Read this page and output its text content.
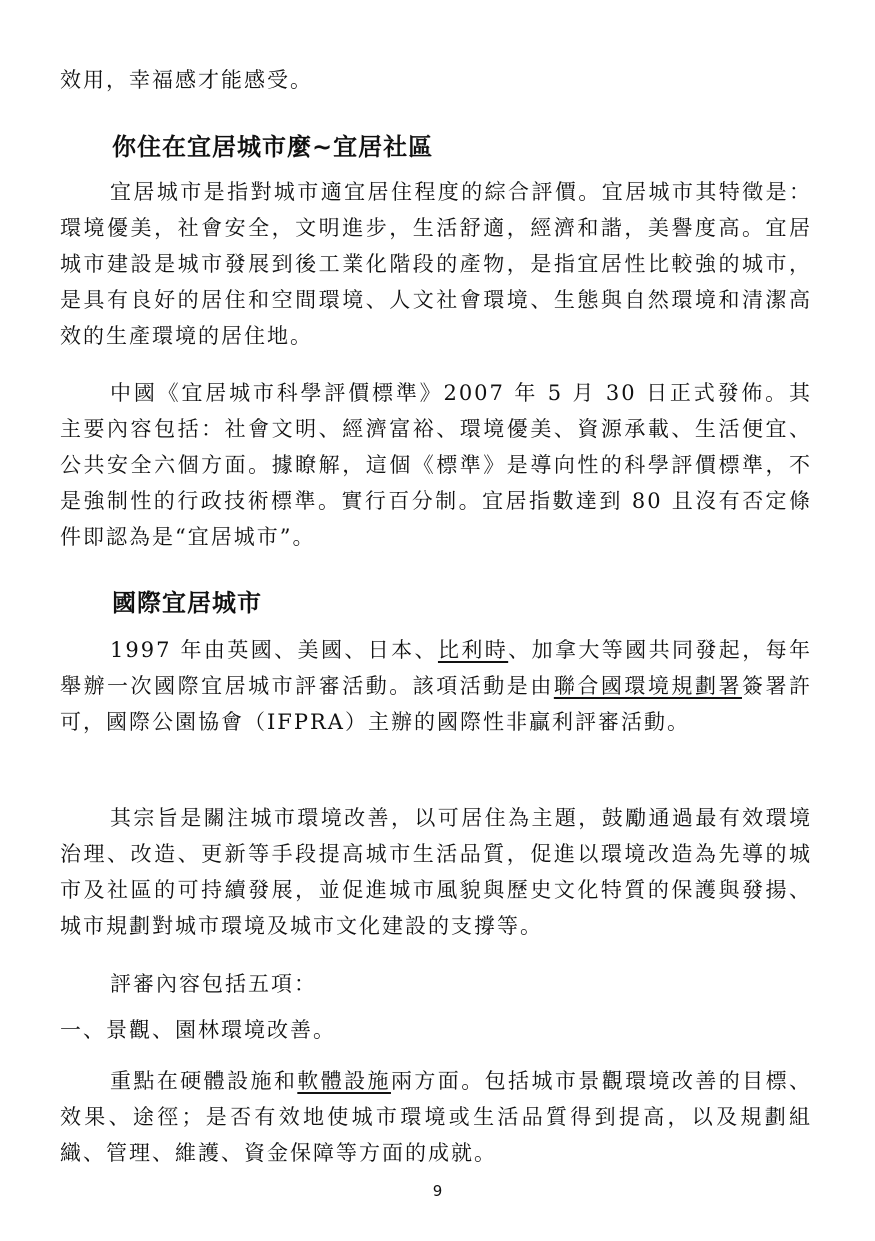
效用，幸福感才能感受。

你住在宜居城市麼~宜居社區

宜居城市是指對城市適宜居住程度的綜合評價。宜居城市其特徵是：環境優美，社會安全，文明進步，生活舒適，經濟和諧，美譽度高。宜居城市建設是城市發展到後工業化階段的產物，是指宜居性比較強的城市，是具有良好的居住和空間環境、人文社會環境、生態與自然環境和清潔高效的生產環境的居住地。

中國《宜居城市科學評價標準》2007 年 5 月 30 日正式發佈。其主要內容包括：社會文明、經濟富裕、環境優美、資源承載、生活便宜、公共安全六個方面。據瞭解，這個《標準》是導向性的科學評價標準，不是強制性的行政技術標準。實行百分制。宜居指數達到 80 且沒有否定條件即認為是“宜居城市”。

國際宜居城市

1997 年由英國、美國、日本、比利時、加拿大等國共同發起，每年舉辦一次國際宜居城市評審活動。該項活動是由聯合國環境規劃署簽署許可，國際公園協會（IFPRA）主辦的國際性非贏利評審活動。

其宗旨是關注城市環境改善，以可居住為主題，鼓勵通過最有效環境治理、改造、更新等手段提高城市生活品質，促進以環境改造為先導的城市及社區的可持續發展，並促進城市風貌與歷史文化特質的保護與發揚、城市規劃對城市環境及城市文化建設的支撐等。

評審內容包括五項：

一、景觀、園林環境改善。

重點在硬體設施和軟體設施兩方面。包括城市景觀環境改善的目標、效果、途徑；是否有效地使城市環境或生活品質得到提高，以及規劃組織、管理、維護、資金保障等方面的成就。

9
